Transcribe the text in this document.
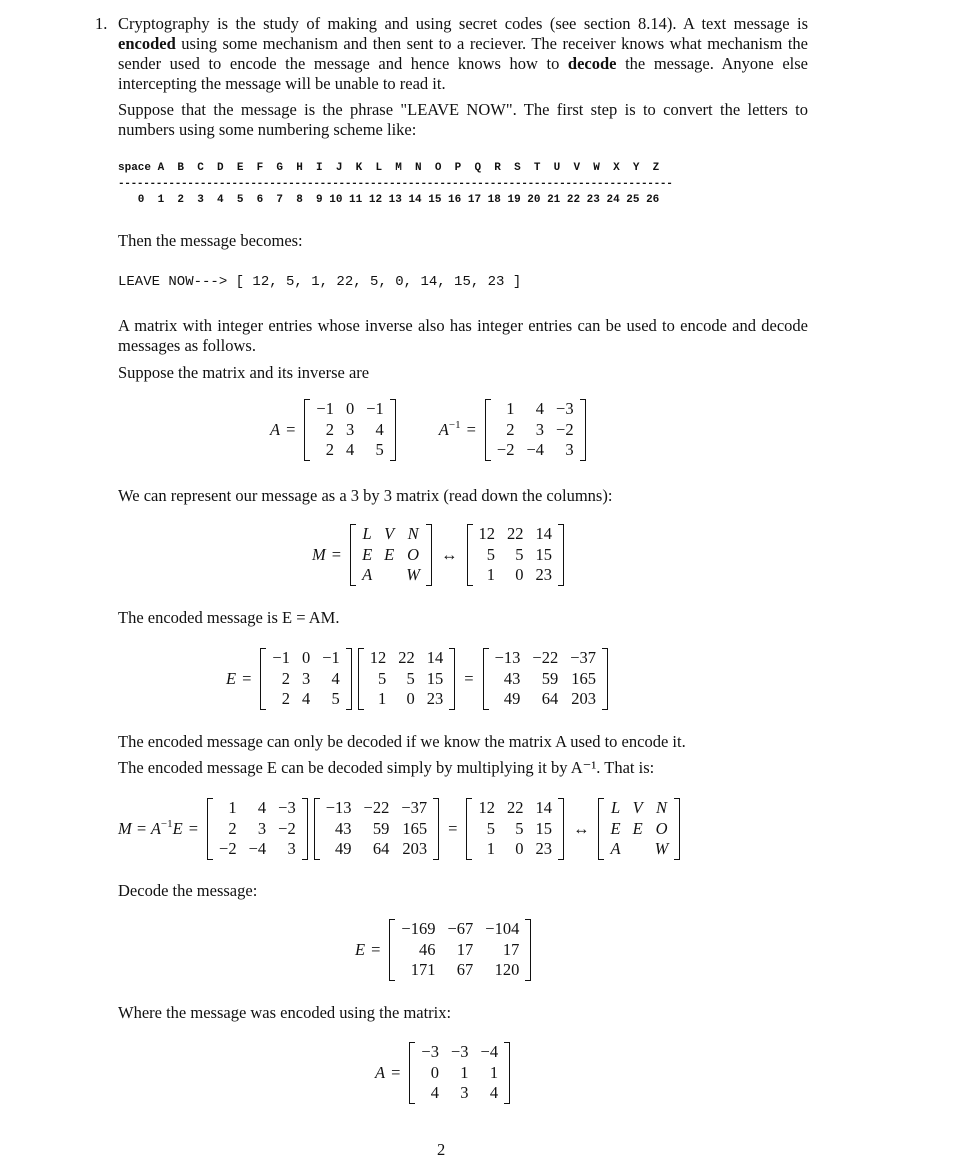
1. Cryptography is the study of making and using secret codes (see section 8.14). A text message is encoded using some mechanism and then sent to a reciever. The receiver knows what mechanism the sender used to encode the message and hence knows how to decode the message. Anyone else intercepting the message will be unable to read it.
Suppose that the message is the phrase "LEAVE NOW". The first step is to convert the letters to numbers using some numbering scheme like:
space A  B  C  D  E  F  G  H  I  J  K  L  M  N  O  P  Q  R  S  T  U  V  W  X  Y  Z
----------------------------------------------------------------------------------------
0  1  2  3  4  5  6  7  8  9 10 11 12 13 14 15 16 17 18 19 20 21 22 23 24 25 26
Then the message becomes:
LEAVE NOW---> [ 12, 5, 1, 22, 5, 0, 14, 15, 23 ]
A matrix with integer entries whose inverse also has integer entries can be used to encode and decode messages as follows.
Suppose the matrix and its inverse are
A =
−1	0	−1
2	3	4
2	4	5
$A^{-1}$ =
1	4	−3
2	3	−2
−2	−4	3
We can represent our message as a 3 by 3 matrix (read down the columns):
M =
L	V	N
E	E	O
A		W
↔
12	22	14
5	5	15
1	0	23
The encoded message is E = AM.
E =
−1	0	−1
2	3	4
2	4	5
12	22	14
5	5	15
1	0	23
=
−13	−22	−37
43	59	165
49	64	203
The encoded message can only be decoded if we know the matrix A used to encode it.
The encoded message E can be decoded simply by multiplying it by A⁻¹. That is:
$M = A^{-1}$ E =
1	4	−3
2	3	−2
−2	−4	3
−13	−22	−37
43	59	165
49	64	203
=
12	22	14
5	5	15
1	0	23
↔
L	V	N
E	E	O
A		W
Decode the message:
E =
−169	−67	−104
46	17	17
171	67	120
Where the message was encoded using the matrix:
A =
−3	−3	−4
0	1	1
4	3	4
2
